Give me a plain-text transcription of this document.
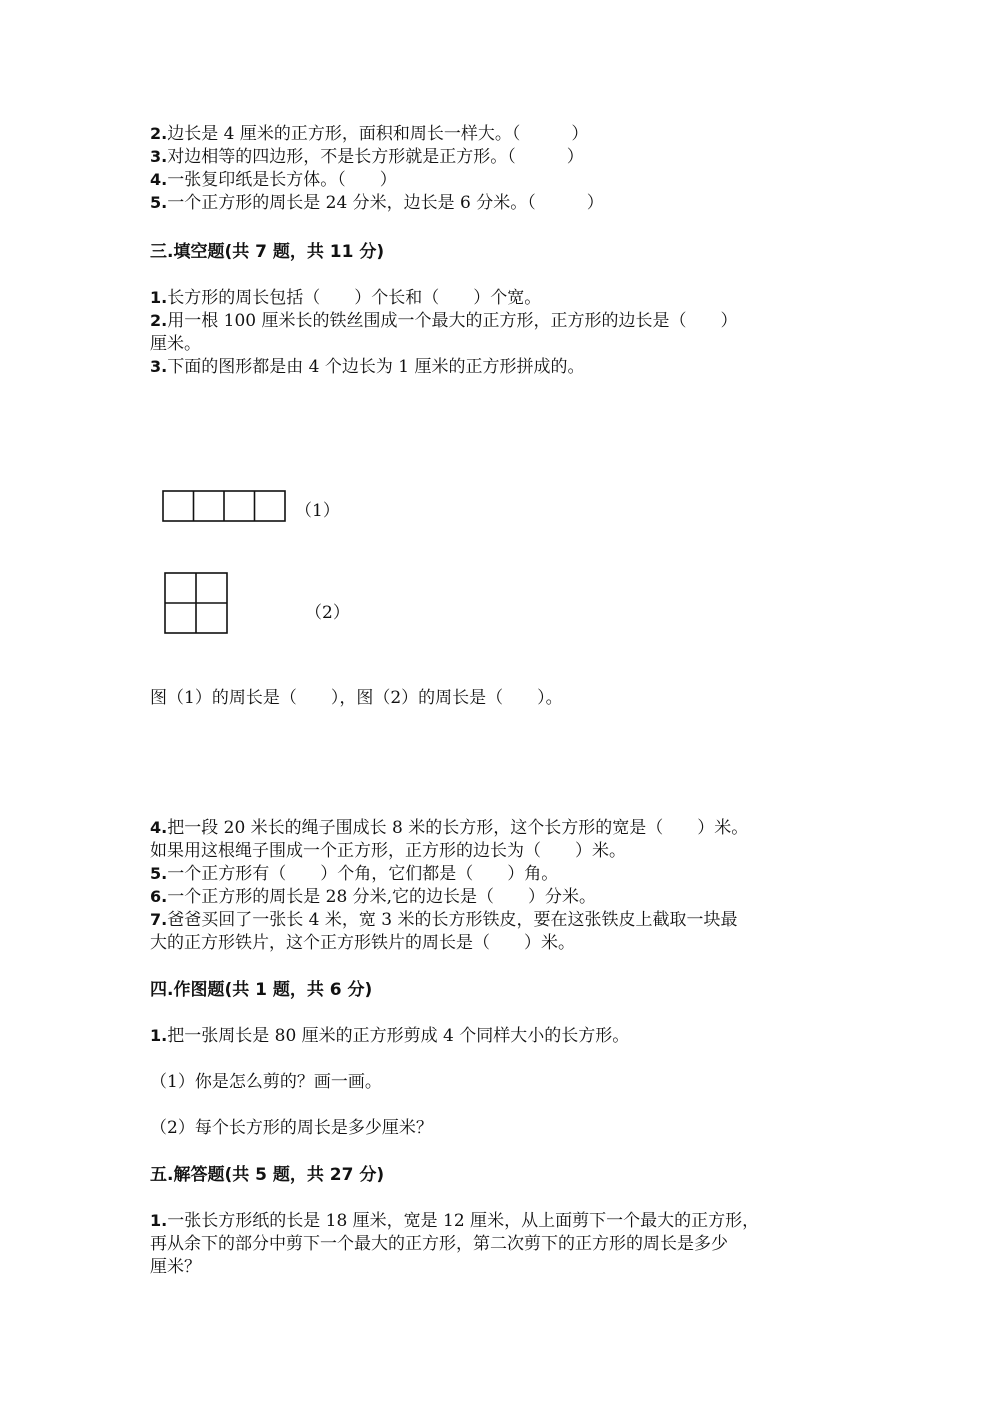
2.边长是 4 厘米的正方形，面积和周长一样大。（　　　）
3.对边相等的四边形，不是长方形就是正方形。（　　　）
4.一张复印纸是长方体。（　　）
5.一个正方形的周长是 24 分米，边长是 6 分米。（　　　）
三.填空题(共 7 题，共 11 分)
1.长方形的周长包括（　　）个长和（　　）个宽。
2.用一根 100 厘米长的铁丝围成一个最大的正方形，正方形的边长是（　　）
厘米。
3.下面的图形都是由 4 个边长为 1 厘米的正方形拼成的。
（1）
（2）
图（1）的周长是（　　），图（2）的周长是（　　）。
4.把一段 20 米长的绳子围成长 8 米的长方形，这个长方形的宽是（　　）米。
如果用这根绳子围成一个正方形，正方形的边长为（　　）米。
5.一个正方形有（　　）个角，它们都是（　　）角。
6.一个正方形的周长是 28 分米,它的边长是（　　）分米。
7.爸爸买回了一张长 4 米，宽 3 米的长方形铁皮，要在这张铁皮上截取一块最
大的正方形铁片，这个正方形铁片的周长是（　　）米。
四.作图题(共 1 题，共 6 分)
1.把一张周长是 80 厘米的正方形剪成 4 个同样大小的长方形。
（1）你是怎么剪的？画一画。
（2）每个长方形的周长是多少厘米？
五.解答题(共 5 题，共 27 分)
1.一张长方形纸的长是 18 厘米，宽是 12 厘米，从上面剪下一个最大的正方形，
再从余下的部分中剪下一个最大的正方形，第二次剪下的正方形的周长是多少
厘米？
